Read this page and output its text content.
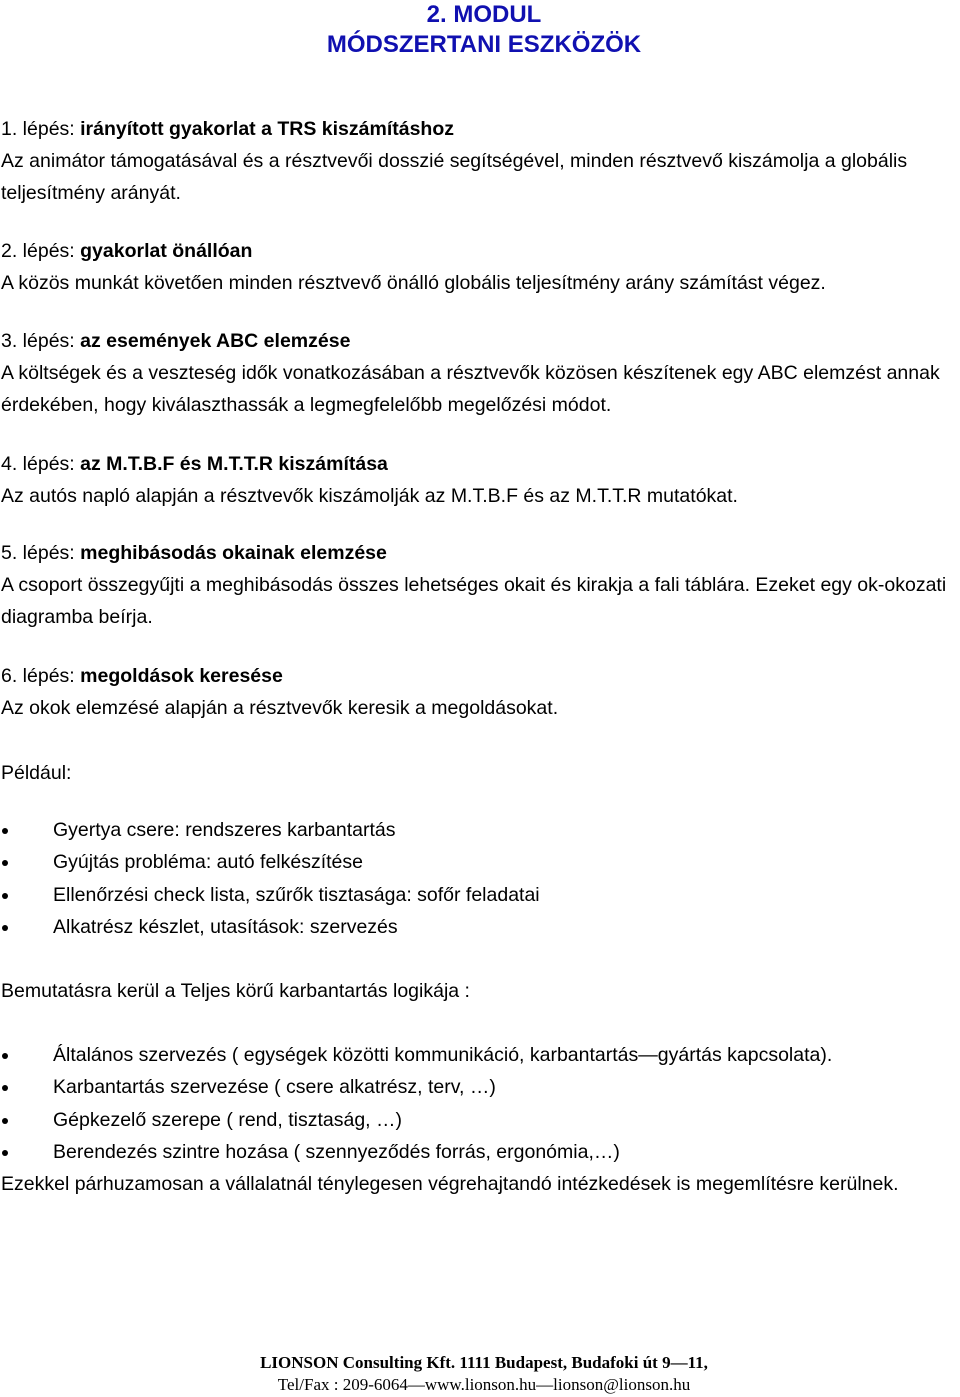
2. MODUL
MÓDSZERTANI ESZKÖZÖK

1. lépés: irányított gyakorlat a TRS kiszámításhoz

Az animátor támogatásával és a résztvevői dosszié segítségével, minden résztvevő kiszámolja a globális teljesítmény arányát.

2. lépés: gyakorlat önállóan

A közös munkát követően minden résztvevő önálló globális teljesítmény arány számítást végez.

3. lépés: az események ABC elemzése

A költségek és a veszteség idők vonatkozásában a résztvevők közösen készítenek egy ABC elemzést annak érdekében, hogy kiválaszthassák a legmegfelelőbb megelőzési módot.

4. lépés: az M.T.B.F és M.T.T.R kiszámítása

Az autós napló alapján a résztvevők kiszámolják az M.T.B.F és az M.T.T.R mutatókat.

5. lépés: meghibásodás okainak elemzése

A csoport összegyűjti a meghibásodás összes lehetséges okait és kirakja a fali táblára. Ezeket egy ok-okozati diagramba beírja.

6. lépés: megoldások keresése

Az okok elemzésé alapján a résztvevők keresik a megoldásokat.

Például:
Gyertya csere: rendszeres karbantartás
Gyújtás probléma: autó felkészítése
Ellenőrzési check lista, szűrők tisztasága: sofőr feladatai
Alkatrész készlet, utasítások: szervezés
Bemutatásra kerül a Teljes körű karbantartás logikája :
Általános szervezés ( egységek közötti kommunikáció, karbantartás—gyártás kapcsolata).
Karbantartás szervezése ( csere alkatrész, terv, …)
Gépkezelő szerepe ( rend, tisztaság, …)
Berendezés szintre hozása ( szennyeződés forrás, ergonómia,…)
Ezekkel párhuzamosan a vállalatnál ténylegesen végrehajtandó intézkedések is megemlítésre kerülnek.
LIONSON Consulting Kft. 1111 Budapest, Budafoki út 9—11,
Tel/Fax : 209-6064—www.lionson.hu—lionson@lionson.hu
